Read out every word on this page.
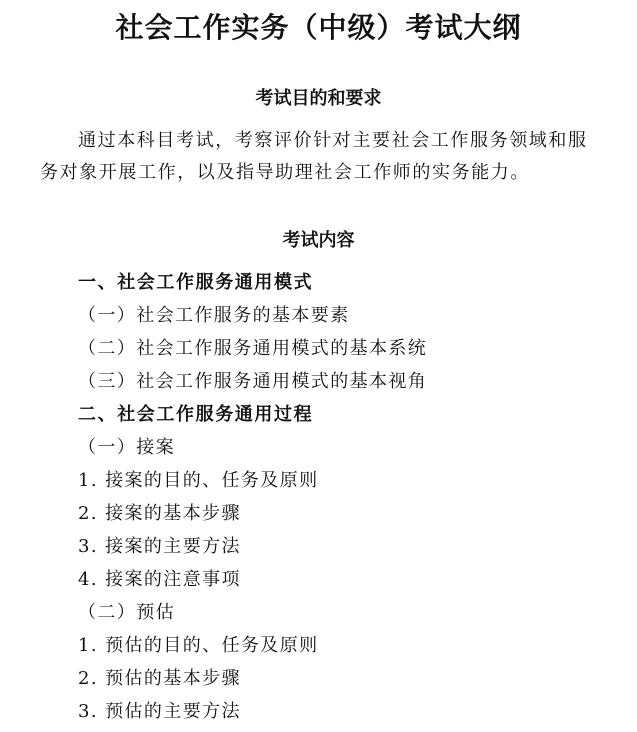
社会工作实务（中级）考试大纲
考试目的和要求
通过本科目考试，考察评价针对主要社会工作服务领域和服
务对象开展工作，以及指导助理社会工作师的实务能力。
考试内容
一、社会工作服务通用模式
（一）社会工作服务的基本要素
（二）社会工作服务通用模式的基本系统
（三）社会工作服务通用模式的基本视角
二、社会工作服务通用过程
（一）接案
1. 接案的目的、任务及原则
2. 接案的基本步骤
3. 接案的主要方法
4. 接案的注意事项
（二）预估
1. 预估的目的、任务及原则
2. 预估的基本步骤
3. 预估的主要方法
